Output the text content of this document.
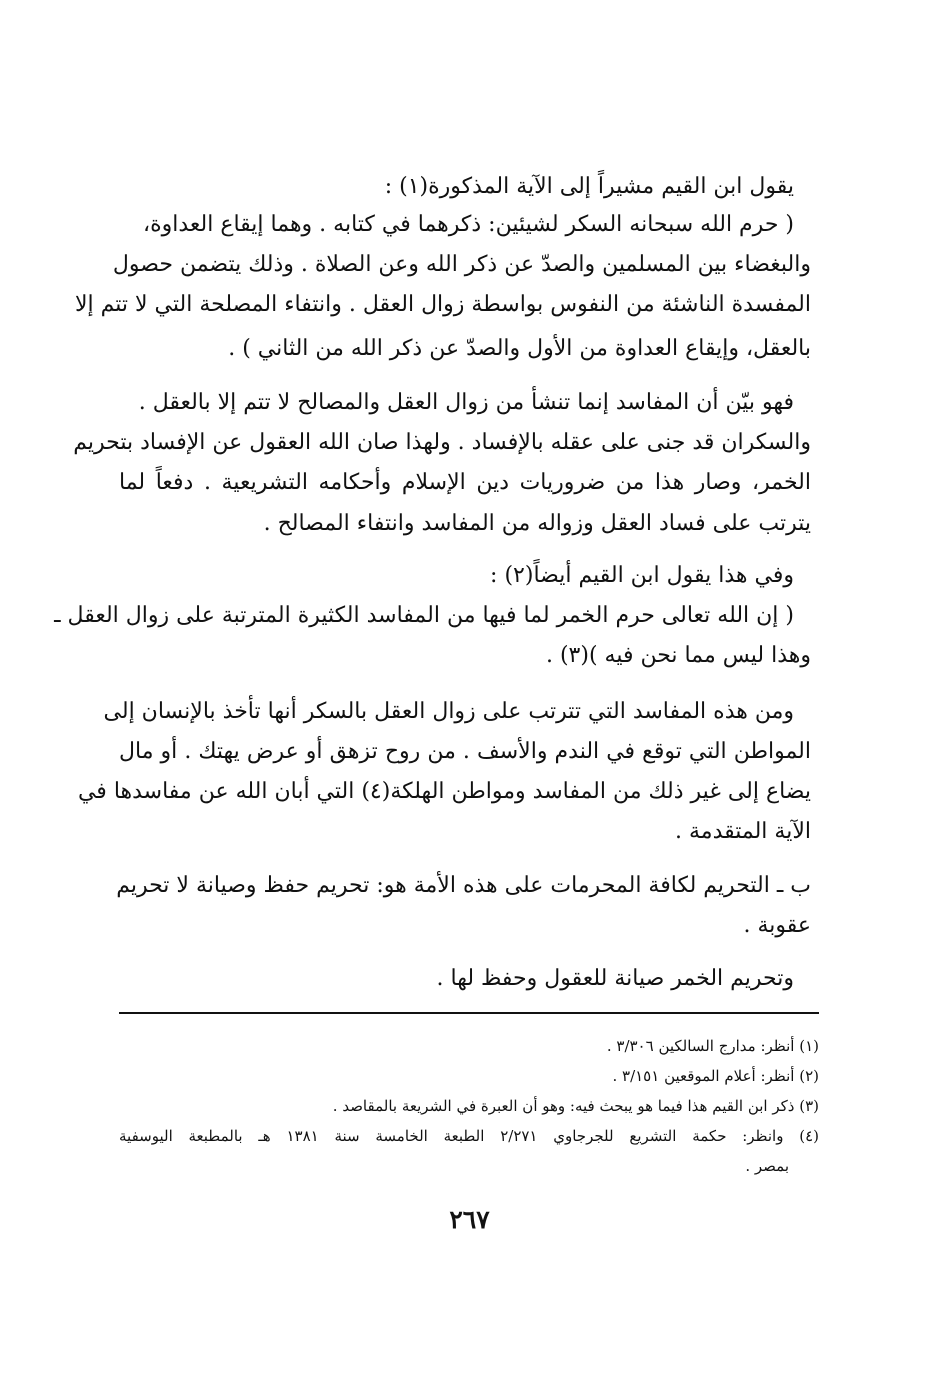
يقول ابن القيم مشيراً إلى الآية المذكورة(١) :
( حرم الله سبحانه السكر لشيئين: ذكرهما في كتابه . وهما إيقاع العداوة،
والبغضاء بين المسلمين والصدّ عن ذكر الله وعن الصلاة . وذلك يتضمن حصول
المفسدة الناشئة من النفوس بواسطة زوال العقل . وانتفاء المصلحة التي لا تتم إلا
بالعقل، وإيقاع العداوة من الأول والصدّ عن ذكر الله من الثاني ) .
فهو بيّن أن المفاسد إنما تنشأ من زوال العقل والمصالح لا تتم إلا بالعقل .
والسكران قد جنى على عقله بالإفساد . ولهذا صان الله العقول عن الإفساد بتحريم
الخمر، وصار هذا من ضروريات دين الإسلام وأحكامه التشريعية . دفعاً لما
يترتب على فساد العقل وزواله من المفاسد وانتفاء المصالح .
وفي هذا يقول ابن القيم أيضاً(٢) :
( إن الله تعالى حرم الخمر لما فيها من المفاسد الكثيرة المترتبة على زوال العقل ـ
وهذا ليس مما نحن فيه )(٣) .
ومن هذه المفاسد التي تترتب على زوال العقل بالسكر أنها تأخذ بالإنسان إلى
المواطن التي توقع في الندم والأسف . من روح تزهق أو عرض يهتك . أو مال
يضاع إلى غير ذلك من المفاسد ومواطن الهلكة(٤) التي أبان الله عن مفاسدها في
الآية المتقدمة .
ب ـ التحريم لكافة المحرمات على هذه الأمة هو: تحريم حفظ وصيانة لا تحريم
عقوبة .
وتحريم الخمر صيانة للعقول وحفظ لها .
(١) أنظر: مدارج السالكين ٣/٣٠٦ .
(٢) أنظر: أعلام الموقعين ٣/١٥١ .
(٣) ذكر ابن القيم هذا فيما هو يبحث فيه: وهو أن العبرة في الشريعة بالمقاصد .
(٤) وانظر: حكمة التشريع للجرجاوي ٢/٢٧١ الطبعة الخامسة سنة ١٣٨١ هـ بالمطبعة اليوسفية
بمصر .
٢٦٧
